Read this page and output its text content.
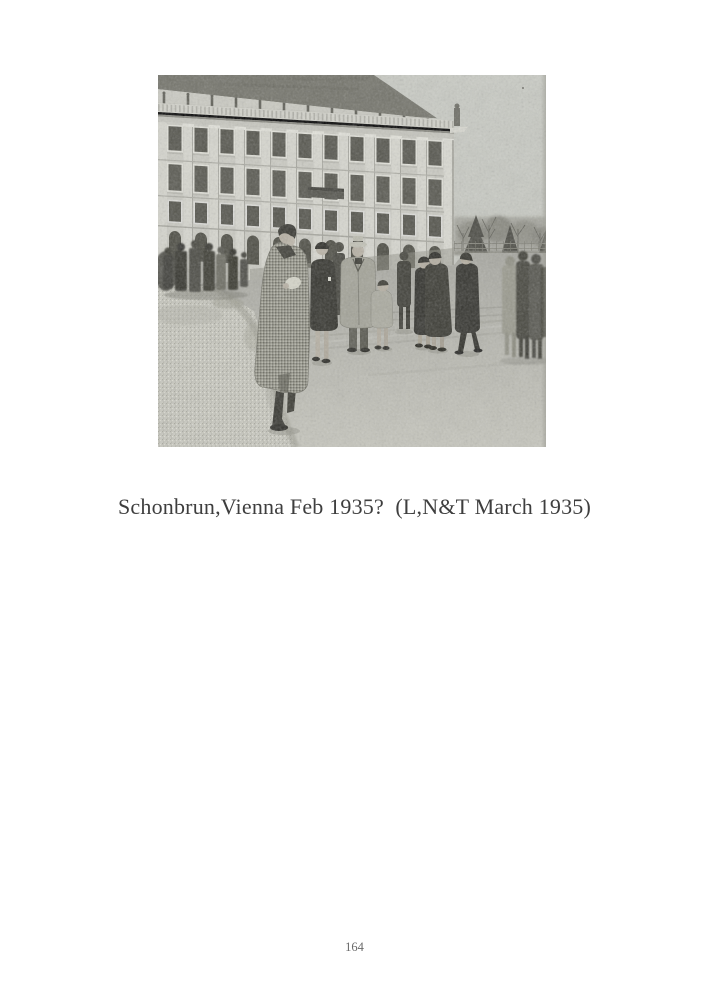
Schonbrun,Vienna Feb 1935?  (L,N&T March 1935)
164
